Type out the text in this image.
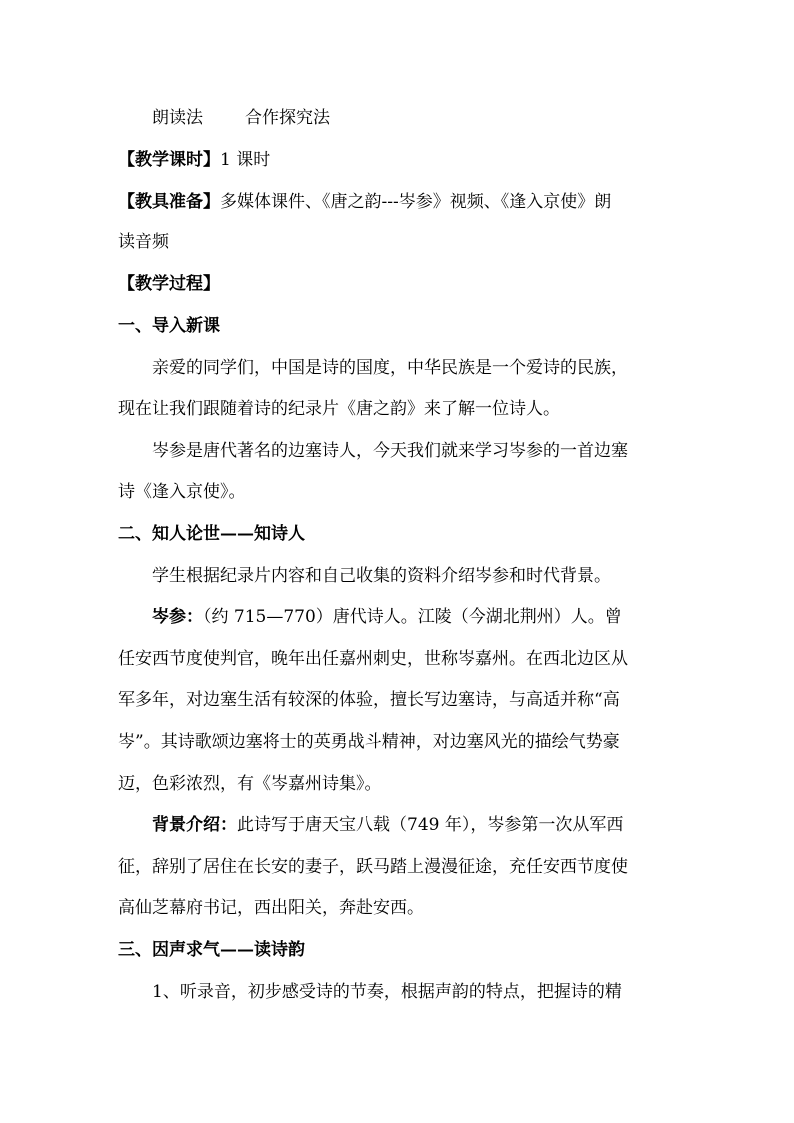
朗读法 合作探究法
【教学课时】1 课时
【教具准备】多媒体课件、《唐之韵---岑参》视频、《逢入京使》朗
读音频
【教学过程】
一、导入新课
亲爱的同学们，中国是诗的国度，中华民族是一个爱诗的民族，
现在让我们跟随着诗的纪录片《唐之韵》来了解一位诗人。
岑参是唐代著名的边塞诗人，今天我们就来学习岑参的一首边塞
诗《逢入京使》。
二、知人论世——知诗人
学生根据纪录片内容和自己收集的资料介绍岑参和时代背景。
岑参：（约 715—770）唐代诗人。江陵（今湖北荆州）人。曾
任安西节度使判官，晚年出任嘉州刺史，世称岑嘉州。在西北边区从
军多年，对边塞生活有较深的体验，擅长写边塞诗，与高适并称“高
岑”。其诗歌颂边塞将士的英勇战斗精神，对边塞风光的描绘气势豪
迈，色彩浓烈，有《岑嘉州诗集》。
背景介绍：此诗写于唐天宝八载（749 年），岑参第一次从军西
征，辞别了居住在长安的妻子，跃马踏上漫漫征途，充任安西节度使
高仙芝幕府书记，西出阳关，奔赴安西。
三、因声求气——读诗韵
1、听录音，初步感受诗的节奏，根据声韵的特点，把握诗的精
